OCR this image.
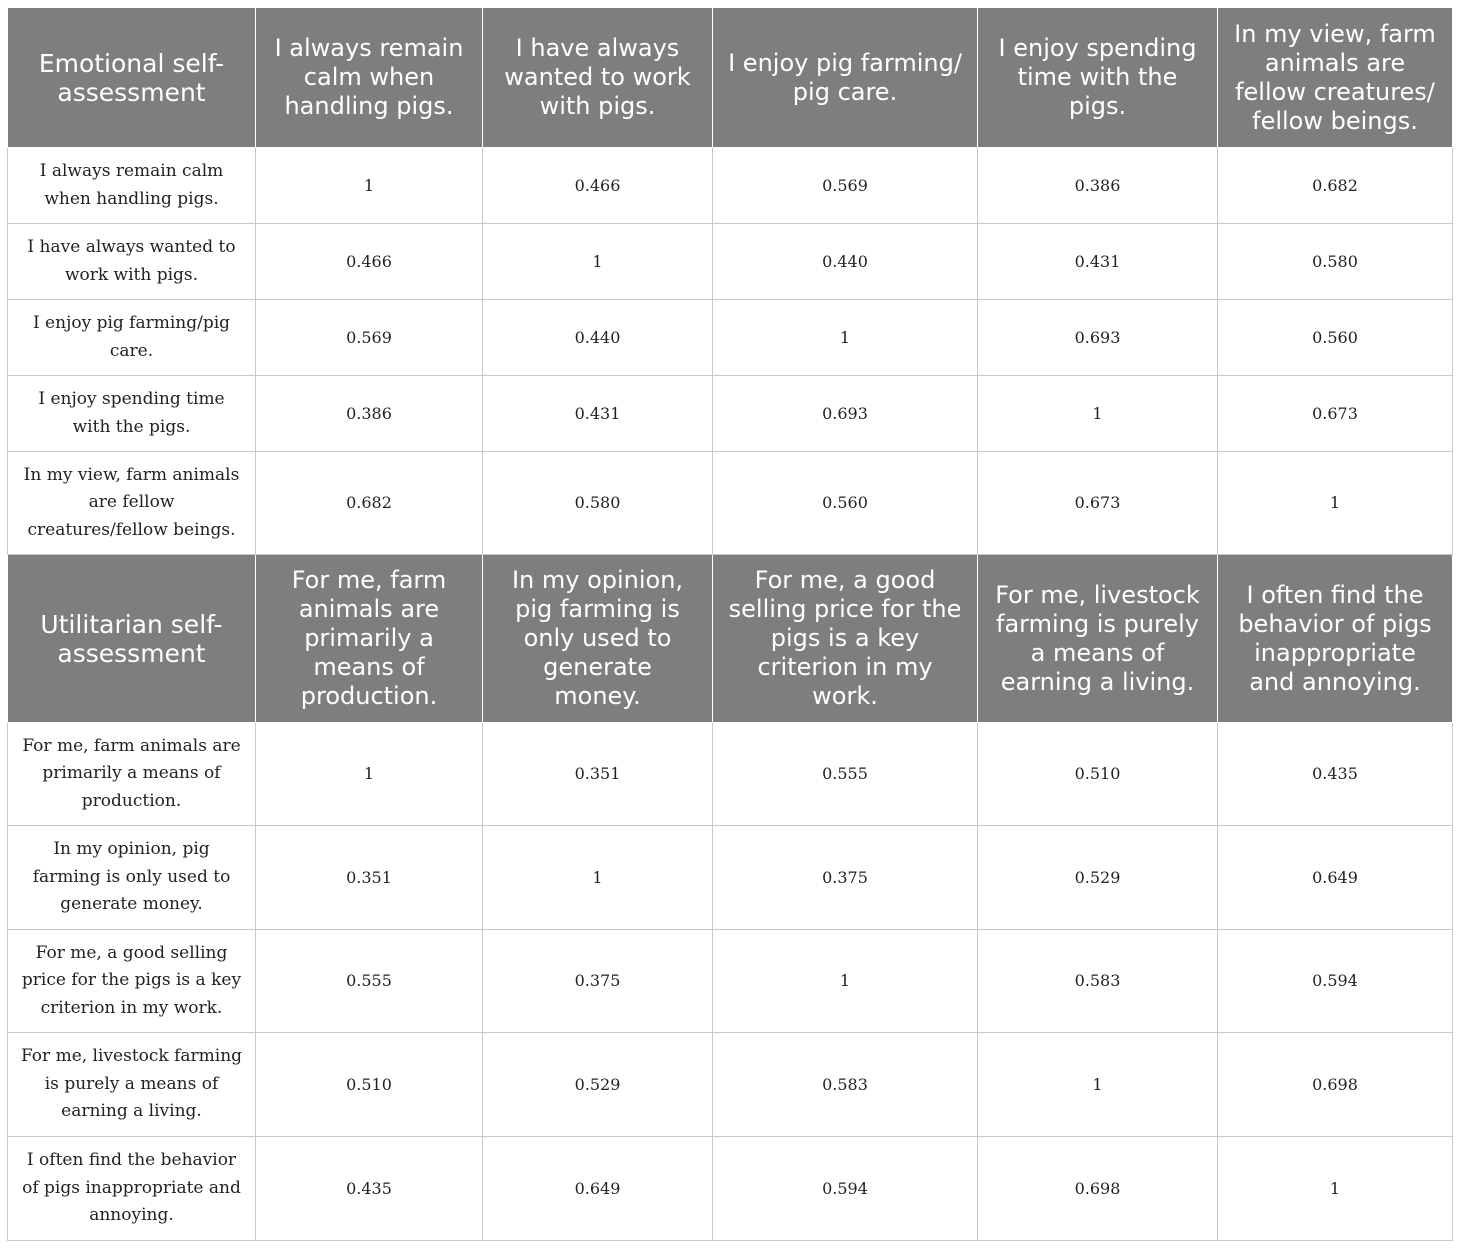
Emotional self-assessment	I always remain calm when handling pigs.	I have always wanted to work with pigs.	I enjoy pig farming/ pig care.	I enjoy spending time with the pigs.	In my view, farm animals are fellow creatures/ fellow beings.
I always remain calm when handling pigs.	1	0.466	0.569	0.386	0.682
I have always wanted to work with pigs.	0.466	1	0.440	0.431	0.580
I enjoy pig farming/pig care.	0.569	0.440	1	0.693	0.560
I enjoy spending time with the pigs.	0.386	0.431	0.693	1	0.673
In my view, farm animals are fellow creatures/fellow beings.	0.682	0.580	0.560	0.673	1
Utilitarian self-assessment	For me, farm animals are primarily a means of production.	In my opinion, pig farming is only used to generate money.	For me, a good selling price for the pigs is a key criterion in my work.	For me, livestock farming is purely a means of earning a living.	I often find the behavior of pigs inappropriate and annoying.
For me, farm animals are primarily a means of production.	1	0.351	0.555	0.510	0.435
In my opinion, pig farming is only used to generate money.	0.351	1	0.375	0.529	0.649
For me, a good selling price for the pigs is a key criterion in my work.	0.555	0.375	1	0.583	0.594
For me, livestock farming is purely a means of earning a living.	0.510	0.529	0.583	1	0.698
I often find the behavior of pigs inappropriate and annoying.	0.435	0.649	0.594	0.698	1
